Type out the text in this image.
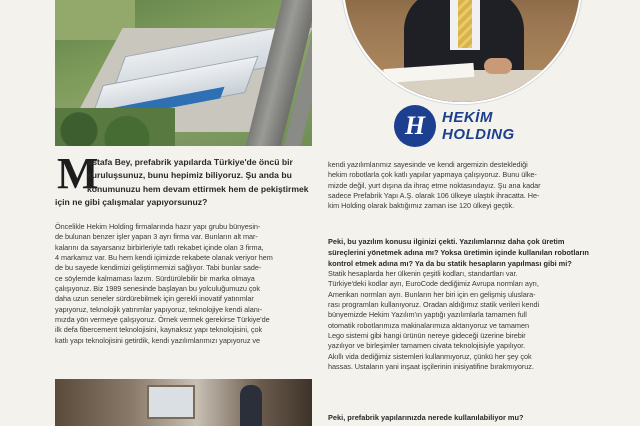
M
ustafa Bey, prefabrik yapılarda Türkiye'de öncü bir
kuruluşsunuz, bunu hepimiz biliyoruz. Şu anda bu
konumunuzu hem devam ettirmek hem de pekiştirmek
için ne gibi çalışmalar yapıyorsunuz?
Öncelikle Hekim Holding firmalarında hazır yapı grubu bünyesin-
de bulunan benzer işler yapan 3 ayrı firma var. Bunların alt mar-
kalarını da sayarsanız birbirleriyle tatlı rekabet içinde olan 3 firma,
4 markamız var. Bu hem kendi içimizde rekabete olanak veriyor hem
de bu sayede kendimizi geliştirmemizi sağlıyor. Tabi bunlar sade-
ce söylemde kalmaması lazım. Sürdürülebilir bir marka olmaya
çalışıyoruz. Biz 1989 senesinde başlayan bu yolculuğumuzu çok
daha uzun seneler sürdürebilmek için gerekli inovatif yatırımlar
yapıyoruz, teknolojik yatırımlar yapıyoruz, teknolojiye kendi alanı-
mızda yön vermeye çalışıyoruz. Örnek vermek gerekirse Türkiye'de
ilk defa fibercement teknolojisini, kaynaksız yapı teknolojisini, çok
katlı yapı teknolojisini getirdik, kendi yazılımlarımızı yapıyoruz ve
H	HEKİM
HOLDING
kendi yazılımlarımız sayesinde ve kendi argemizin desteklediği
hekim robotlarla çok katlı yapılar yapmaya çalışıyoruz. Bunu ülke-
mizde değil, yurt dışına da ihraç etme noktasındayız. Şu ana kadar
sadece Prefabrik Yapı A.Ş. olarak 106 ülkeye ulaştık ihracatta. He-
kim Holding olarak baktığımız zaman ise 120 ülkeyi geçtik.
Peki, bu yazılım konusu ilginizi çekti. Yazılımlarınız daha çok üretim
süreçlerini yönetmek adına mı? Yoksa üretimin içinde kullanılan robotların
kontrol etmek adına mı? Ya da bu statik hesapların yapılması gibi mi?
Statik hesaplarda her ülkenin çeşitli kodları, standartları var.
Türkiye'deki kodlar ayrı, EuroCode dediğimiz Avrupa normları ayrı,
Amerikan normları ayrı. Bunların her biri için en gelişmiş uluslara-
rası programları kullanıyoruz. Oradan aldığımız statik verileri kendi
bünyemizde Hekim Yazılım'ın yaptığı yazılımlarla tamamen full
otomatik robotlarımıza makinalarımıza aktarıyoruz ve tamamen
Lego sistemi gibi hangi ürünün nereye gideceği üzerine birebir
yazılıyor ve birleşimler tamamen civata teknolojisiyle yapılıyor.
Akıllı vida dediğimiz sistemleri kullanmıyoruz, çünkü her şey çok
hassas. Ustaların yani inşaat işçilerinin inisiyatifine bırakmıyoruz.
Peki, prefabrik yapılarınızda nerede kullanılabiliyor mu?
